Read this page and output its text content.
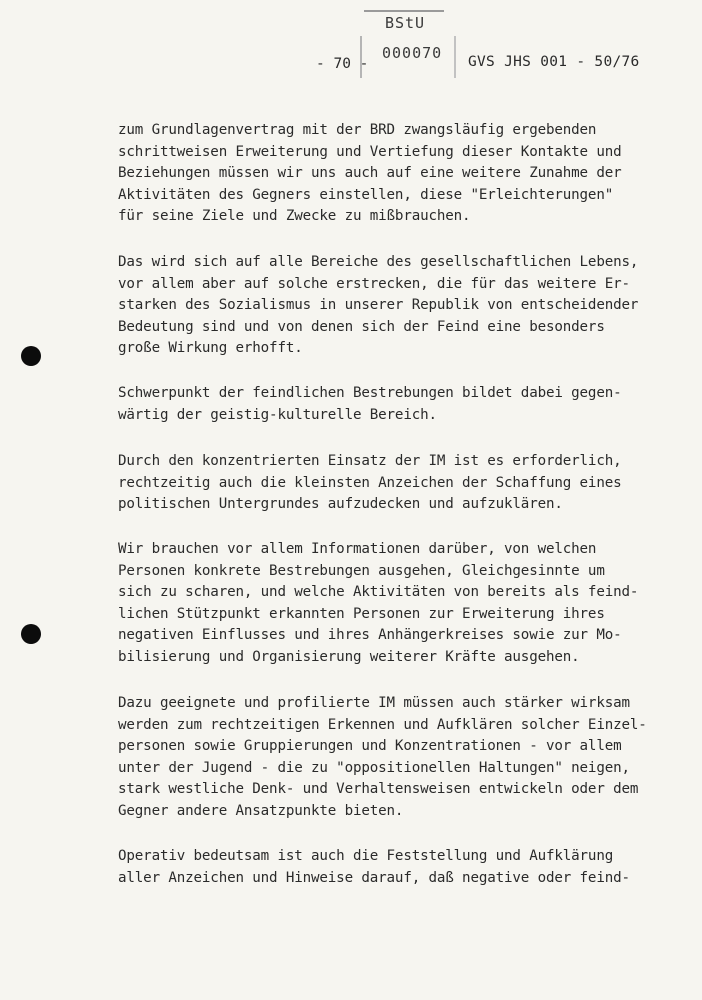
BStU
000070
- 70 -	GVS JHS 001 - 50/76
zum Grundlagenvertrag mit der BRD zwangsläufig ergebenden
schrittweisen Erweiterung und Vertiefung dieser Kontakte und
Beziehungen müssen wir uns auch auf eine weitere Zunahme der
Aktivitäten des Gegners einstellen, diese "Erleichterungen"
für seine Ziele und Zwecke zu mißbrauchen.
Das wird sich auf alle Bereiche des gesellschaftlichen Lebens,
vor allem aber auf solche erstrecken, die für das weitere Er-
starken des Sozialismus in unserer Republik von entscheidender
Bedeutung sind und von denen sich der Feind eine besonders
große Wirkung erhofft.
Schwerpunkt der feindlichen Bestrebungen bildet dabei gegen-
wärtig der geistig-kulturelle Bereich.
Durch den konzentrierten Einsatz der IM ist es erforderlich,
rechtzeitig auch die kleinsten Anzeichen der Schaffung eines
politischen Untergrundes aufzudecken und aufzuklären.
Wir brauchen vor allem Informationen darüber, von welchen
Personen konkrete Bestrebungen ausgehen, Gleichgesinnte um
sich zu scharen, und welche Aktivitäten von bereits als feind-
lichen Stützpunkt erkannten Personen zur Erweiterung ihres
negativen Einflusses und ihres Anhängerkreises sowie zur Mo-
bilisierung und Organisierung weiterer Kräfte ausgehen.
Dazu geeignete und profilierte IM müssen auch stärker wirksam
werden zum rechtzeitigen Erkennen und Aufklären solcher Einzel-
personen sowie Gruppierungen und Konzentrationen - vor allem
unter der Jugend - die zu "oppositionellen Haltungen" neigen,
stark westliche Denk- und Verhaltensweisen entwickeln oder dem
Gegner andere Ansatzpunkte bieten.
Operativ bedeutsam ist auch die Feststellung und Aufklärung
aller Anzeichen und Hinweise darauf, daß negative oder feind-
